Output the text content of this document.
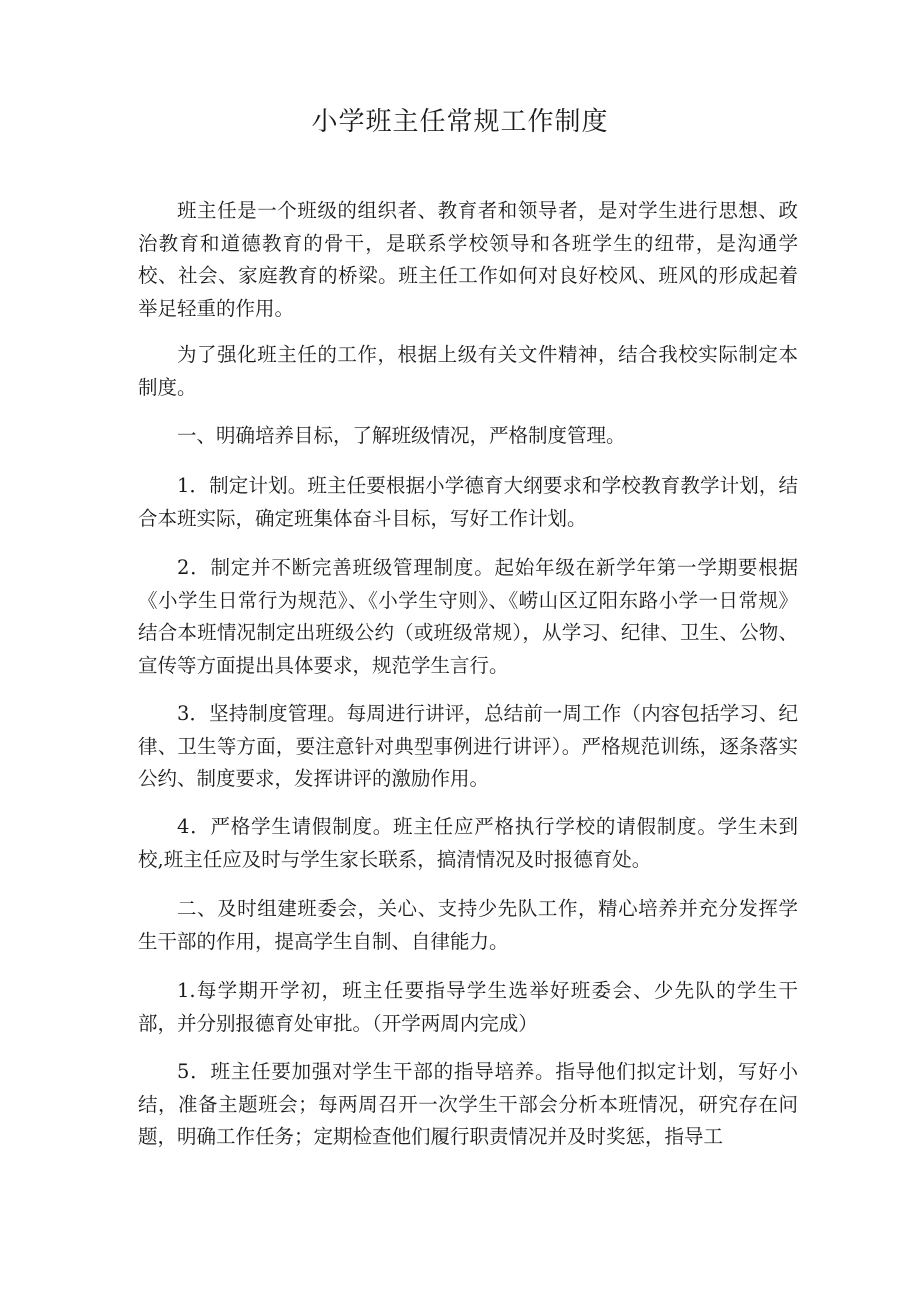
小学班主任常规工作制度

班主任是一个班级的组织者、教育者和领导者，是对学生进行思想、政治教育和道德教育的骨干，是联系学校领导和各班学生的纽带，是沟通学校、社会、家庭教育的桥梁。班主任工作如何对良好校风、班风的形成起着举足轻重的作用。

为了强化班主任的工作，根据上级有关文件精神，结合我校实际制定本制度。

一、明确培养目标，了解班级情况，严格制度管理。

1．制定计划。班主任要根据小学德育大纲要求和学校教育教学计划，结合本班实际，确定班集体奋斗目标，写好工作计划。

2．制定并不断完善班级管理制度。起始年级在新学年第一学期要根据《小学生日常行为规范》、《小学生守则》、《崂山区辽阳东路小学一日常规》结合本班情况制定出班级公约（或班级常规），从学习、纪律、卫生、公物、宣传等方面提出具体要求，规范学生言行。

3．坚持制度管理。每周进行讲评，总结前一周工作（内容包括学习、纪律、卫生等方面，要注意针对典型事例进行讲评）。严格规范训练，逐条落实公约、制度要求，发挥讲评的激励作用。

4．严格学生请假制度。班主任应严格执行学校的请假制度。学生未到校,班主任应及时与学生家长联系，搞清情况及时报德育处。

二、及时组建班委会，关心、支持少先队工作，精心培养并充分发挥学生干部的作用，提高学生自制、自律能力。

1.每学期开学初，班主任要指导学生选举好班委会、少先队的学生干部，并分别报德育处审批。（开学两周内完成）

5．班主任要加强对学生干部的指导培养。指导他们拟定计划，写好小结，准备主题班会；每两周召开一次学生干部会分析本班情况，研究存在问题，明确工作任务；定期检查他们履行职责情况并及时奖惩，指导工
